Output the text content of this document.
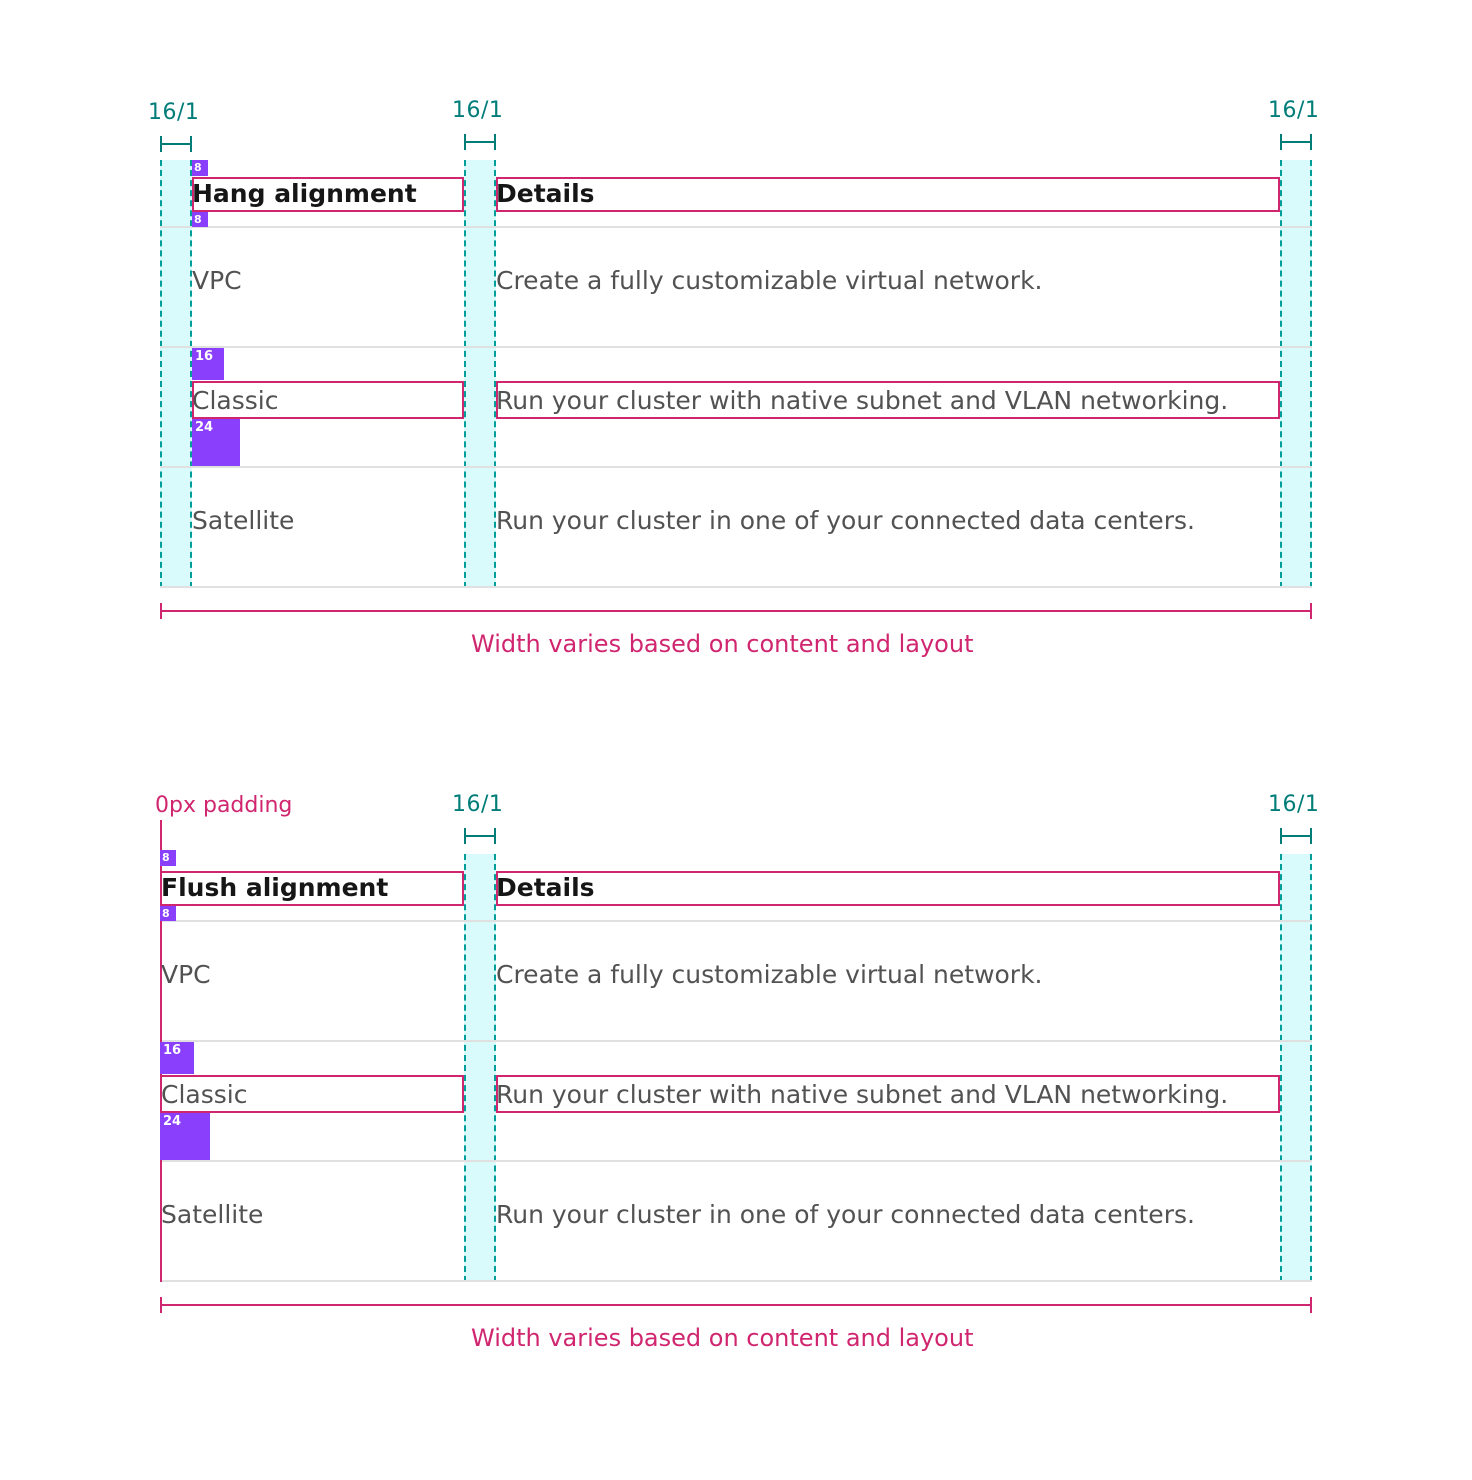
16/1	16/1	16/1
Hang alignment	Details
8
8
VPC	Create a fully customizable virtual network.
16
Classic	Run your cluster with native subnet and VLAN networking.
24
Satellite	Run your cluster in one of your connected data centers.
Width varies based on content and layout
0px padding	16/1	16/1
Flush alignment	Details
8
8
VPC	Create a fully customizable virtual network.
16
Classic	Run your cluster with native subnet and VLAN networking.
24
Satellite	Run your cluster in one of your connected data centers.
Width varies based on content and layout
